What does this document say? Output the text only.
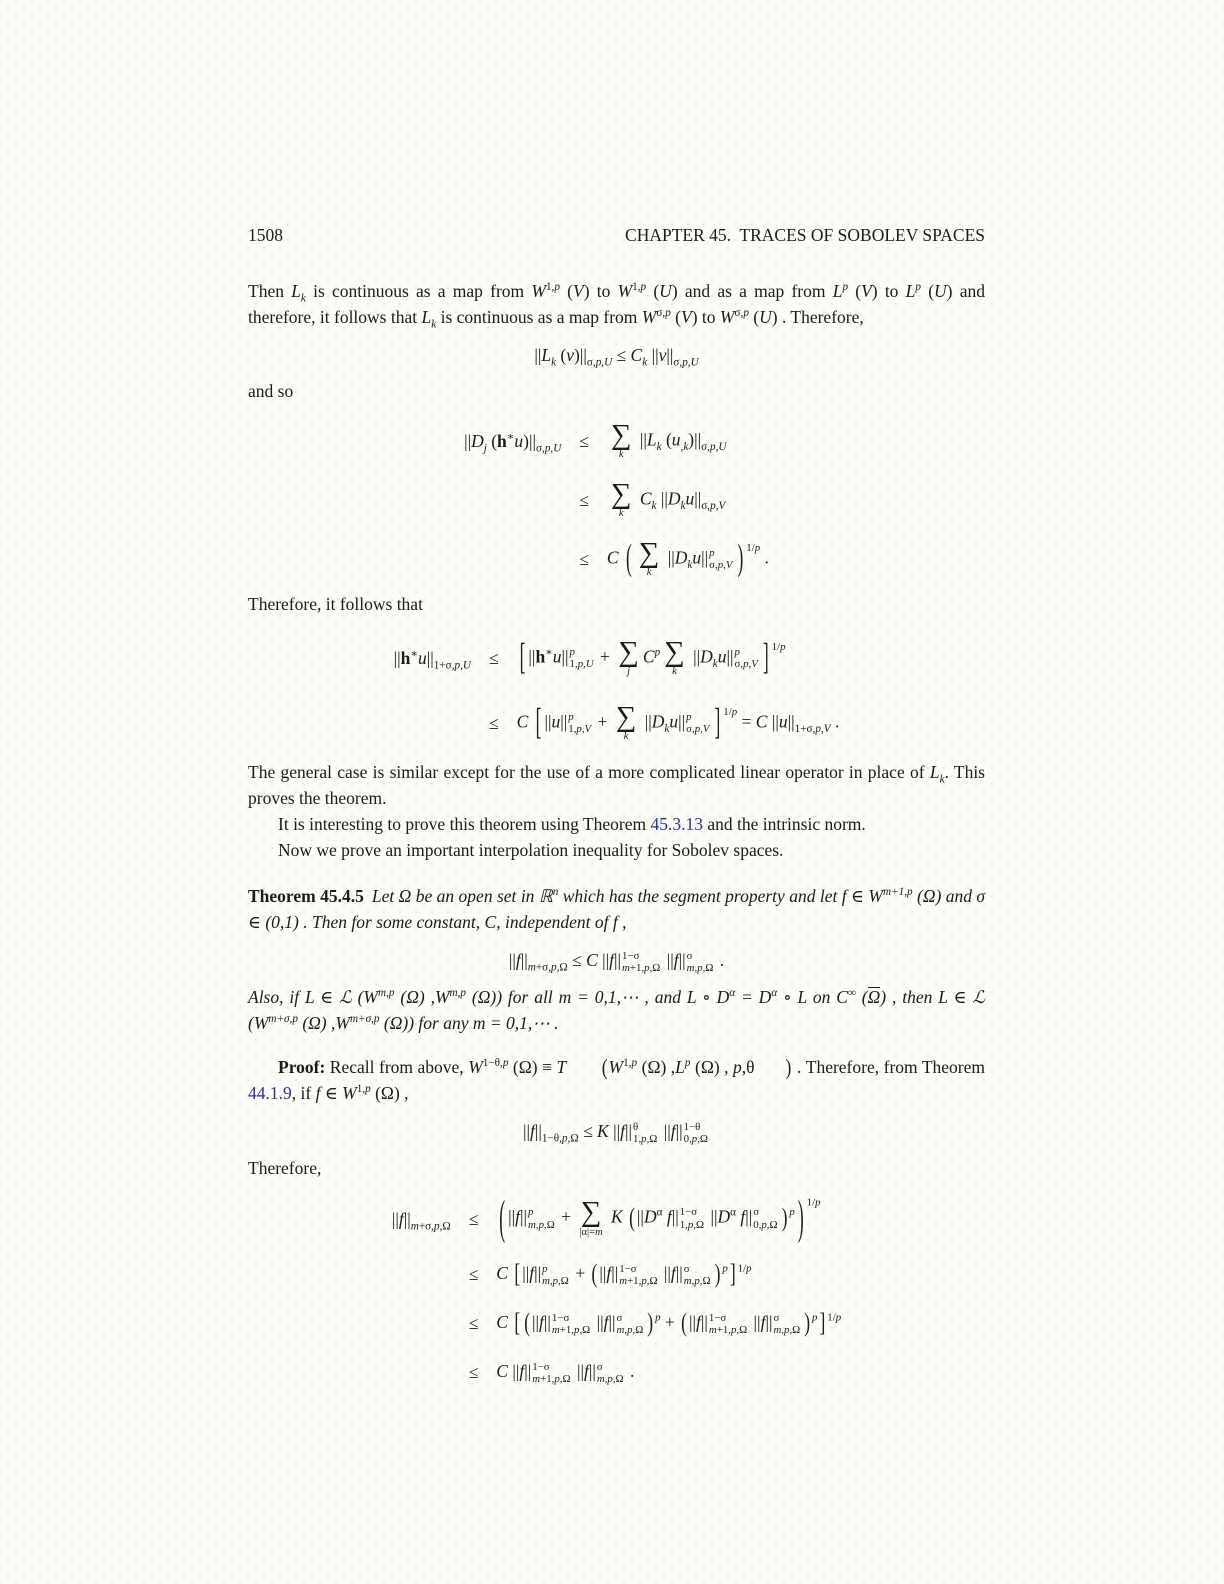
1508	CHAPTER 45.  TRACES OF SOBOLEV SPACES

Then $L_k$ is continuous as a map from W$^{1,p}$ (V) to W$^{1,p}$ (U) and as a map from $L^p$ (V) to $L^p$ (U) and therefore, it follows that $L_k$ is continuous as a map from $W^{\sigma,p}$ (V) to $W^{\sigma,p}$ (U) . Therefore,

$||L_k$ $(v)||_{\sigma,p,U} \le C_k$ $||v||_{\sigma,p,U}$

and so

$||D_j$ $(h^∗u)||_{\sigma,p,U}$ ≤ ∑
k
$||L_k$ $(u_{,k})||_{\sigma,p,U}$
≤ ∑
k
$C_k$ $||D_ku||_{\sigma,p,V}$
≤ C ( ∑
k
$||D_ku||$ p
σ,p,V ) $^{1/p}$ .

Therefore, it follows that

$||h^∗u||_{1+\sigma,p,U}$ ≤ [ ||h∗u|| p
1,p,U + ∑
j
$C^p$ ∑
k
$||D_ku||$ p
σ,p,V ] $^{1/p}$
≤ C [ ||u|| p
1,p,V + ∑
k
$||D_ku||$ p
σ,p,V ] $^{1/p}$ = C $||u||_{1+\sigma,p,V}$ .

The general case is similar except for the use of a more complicated linear operator in place of $L_k$. This proves the theorem.

It is interesting to prove this theorem using Theorem 45.3.13 and the intrinsic norm.

Now we prove an important interpolation inequality for Sobolev spaces.

Theorem 45.4.5 Let Ω be an open set in ℝ$^n$ which has the segment property and let f ∈ $W^{m+1,p}$ (Ω) and σ ∈ (0,1) . Then for some constant, C, independent of f ,

$||f||_{m+\sigma,p,\Omega} \le C$ ||f|| 1−σ
m+1,p,Ω ||f|| σ
m,p,Ω .

Also, if L ∈ ℒ ($W^{m,p}$ (Ω) $,W^{m,p}$ (Ω)) for all m = 0,1,⋯ , and L ∘ $D^\alpha = D^\alpha$ ∘ L on C∞ (Ω) , then L ∈ ℒ ($W^{m+\sigma,p}$ (Ω) $,W^{m+\sigma,p}$ (Ω)) for any m = 0,1,⋯ .

Proof: Recall from above, $W^{1-\theta,p}$ (Ω) ≡ T ($W^{1,p}$ (Ω) $,L^p$ (Ω) , p,θ ) . Therefore, from Theorem 44.1.9, if f ∈ W$^{1,p}$ (Ω) ,

$||f||_{1-\theta,p,\Omega} \le K$ ||f|| θ
1,p,Ω ||f|| 1−θ
0,p,Ω

Therefore,

$||f||_{m+\sigma,p,\Omega}$ ≤ ( ||f|| p
m,p,Ω + ∑
|α|=m
K ( $||D^\alpha$ f|| 1−σ
1,p,Ω $||D^\alpha$ f|| σ
0,p,Ω ) $^p$ ) $^{1/p}$
≤ C [ ||f|| p
m,p,Ω + ( ||f|| 1−σ
m+1,p,Ω ||f|| σ
m,p,Ω ) $^p$ ] $^{1/p}$
≤ C [ ( ||f|| 1−σ
m+1,p,Ω ||f|| σ
m,p,Ω ) $^p$ + ( ||f|| 1−σ
m+1,p,Ω ||f|| σ
m,p,Ω ) $^p$ ] $^{1/p}$
≤ C ||f|| 1−σ
m+1,p,Ω ||f|| σ
m,p,Ω .
